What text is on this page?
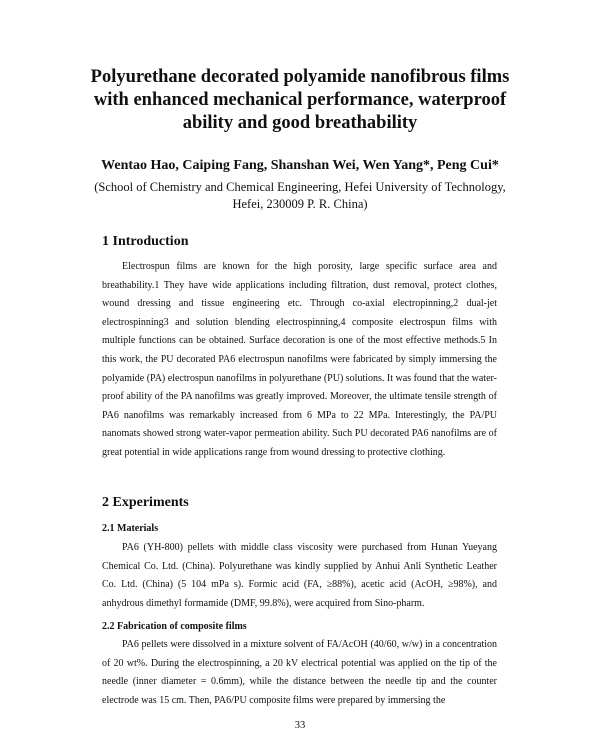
Polyurethane decorated polyamide nanofibrous films
with enhanced mechanical performance, waterproof
ability and good breathability
Wentao Hao, Caiping Fang, Shanshan Wei, Wen Yang*, Peng Cui*
(School of Chemistry and Chemical Engineering, Hefei University of Technology,
Hefei, 230009 P. R. China)
1 Introduction

Electrospun films are known for the high porosity, large specific surface area and breathability.1 They have wide applications including filtration, dust removal, protect clothes, wound dressing and tissue engineering etc. Through co-axial electropinning,2 dual-jet electrospinning3 and solution blending electrospinning,4 composite electrospun films with multiple functions can be obtained. Surface decoration is one of the most effective methods.5 In this work, the PU decorated PA6 electrospun nanofilms were fabricated by simply immersing the polyamide (PA) electrospun nanofilms in polyurethane (PU) solutions. It was found that the water-proof ability of the PA nanofilms was greatly improved. Moreover, the ultimate tensile strength of PA6 nanofilms was remarkably increased from 6 MPa to 22 MPa. Interestingly, the PA/PU nanomats showed strong water-vapor permeation ability. Such PU decorated PA6 nanofilms are of great potential in wide applications range from wound dressing to protective clothing.

2 Experiments
2.1 Materials

PA6 (YH-800) pellets with middle class viscosity were purchased from Hunan Yueyang Chemical Co. Ltd. (China). Polyurethane was kindly supplied by Anhui Anli Synthetic Leather Co. Ltd. (China) (5 104 mPa s). Formic acid (FA, ≥88%), acetic acid (AcOH, ≥98%), and anhydrous dimethyl formamide (DMF, 99.8%), were acquired from Sino-pharm.

2.2 Fabrication of composite films

PA6 pellets were dissolved in a mixture solvent of FA/AcOH (40/60, w/w) in a concentration of 20 wt%. During the electrospinning, a 20 kV electrical potential was applied on the tip of the needle (inner diameter = 0.6mm), while the distance between the needle tip and the counter electrode was 15 cm. Then, PA6/PU composite films were prepared by immersing the

33
